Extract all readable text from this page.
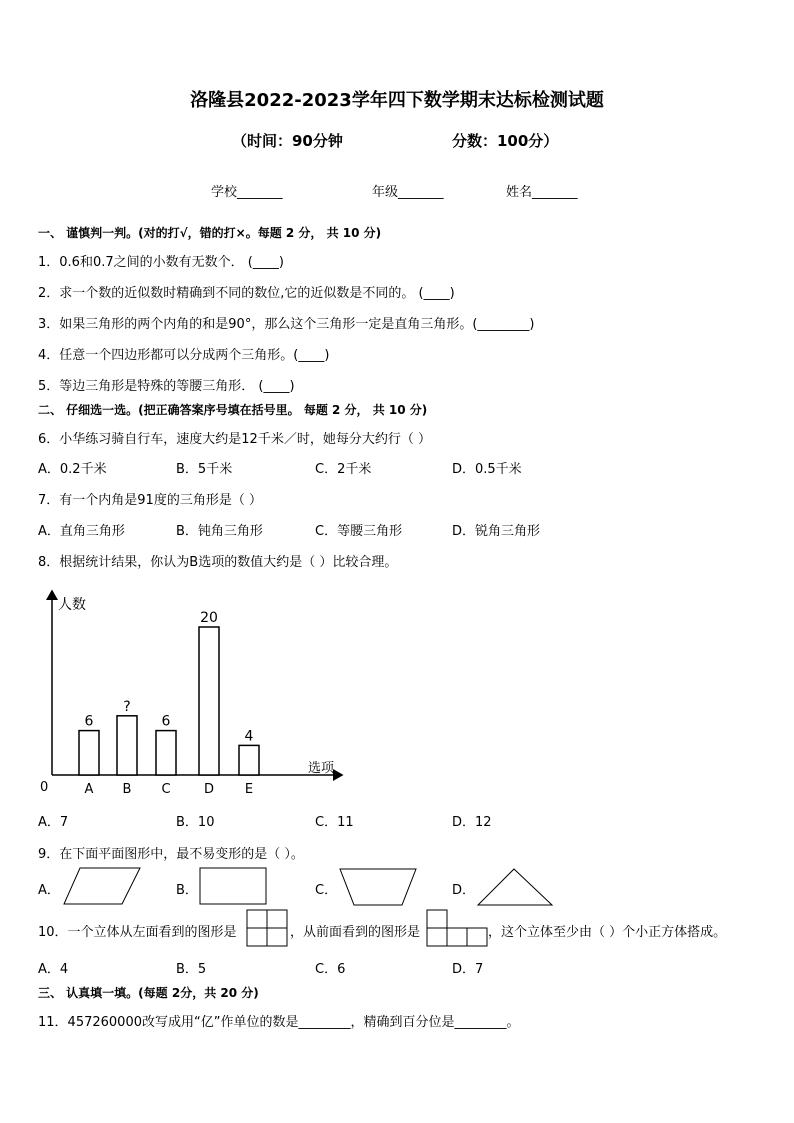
洛隆县2022-2023学年四下数学期末达标检测试题
（时间：90分钟	分数：100分）
学校_______	年级_______	姓名_______
一、 谨慎判一判。(对的打√，错的打×。每题 2 分， 共 10 分)
1．0.6和0.7之间的小数有无数个． (____)
2．求一个数的近似数时精确到不同的数位,它的近似数是不同的。 (____)
3．如果三角形的两个内角的和是90°，那么这个三角形一定是直角三角形。(________)
4．任意一个四边形都可以分成两个三角形。(____)
5．等边三角形是特殊的等腰三角形． (____)
二、 仔细选一选。(把正确答案序号填在括号里。 每题 2 分， 共 10 分)
6．小华练习骑自行车，速度大约是12千米／时，她每分大约行（ ）
A．0.2千米	B．5千米	C．2千米	D．0.5千米
7．有一个内角是91度的三角形是（ ）
A．直角三角形	B．钝角三角形	C．等腰三角形	D．锐角三角形
8．根据统计结果，你认为B选项的数值大约是（ ）比较合理。
人数
选项
0
6
A
?
B
6
C
20
D
4
E
A．7	B．10	C．11	D．12
9．在下面平面图形中，最不易变形的是（ ）。
A．	B．	C．	D．
10．一个立体从左面看到的图形是	，从前面看到的图形是	，这个立体至少由（ ）个小正方体搭成。
A．4	B．5	C．6	D．7
三、 认真填一填。(每题 2分，共 20 分)
11．457260000改写成用“亿”作单位的数是________，精确到百分位是________。
